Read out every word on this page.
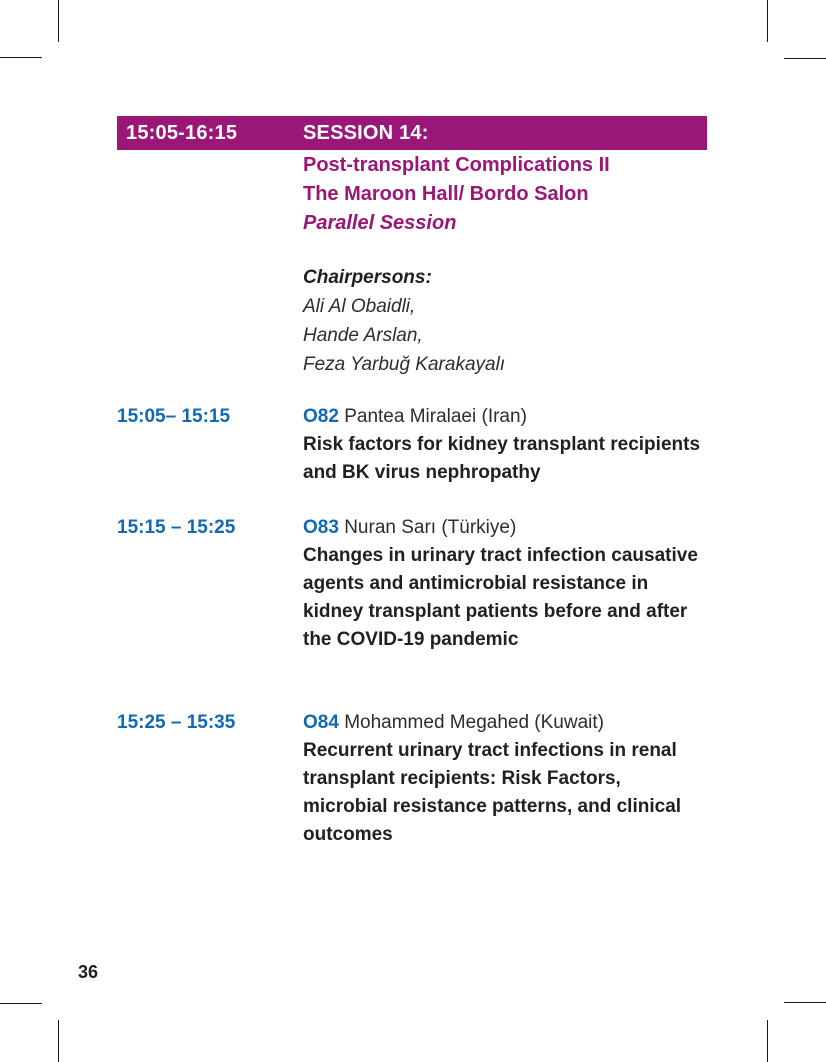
15:05-16:15	SESSION 14:
Post-transplant Complications II
The Maroon Hall/ Bordo Salon
Parallel Session
Chairpersons:
Ali Al Obaidli,
Hande Arslan,
Feza Yarbuğ Karakayalı
15:05– 15:15	O82 Pantea Miralaei (Iran)
Risk factors for kidney transplant recipients and BK virus nephropathy
15:15 – 15:25	O83 Nuran Sarı (Türkiye)
Changes in urinary tract infection causative agents and antimicrobial resistance in kidney transplant patients before and after the COVID-19 pandemic
15:25 – 15:35	O84 Mohammed Megahed (Kuwait)
Recurrent urinary tract infections in renal transplant recipients: Risk Factors, microbial resistance patterns, and clinical outcomes
36
